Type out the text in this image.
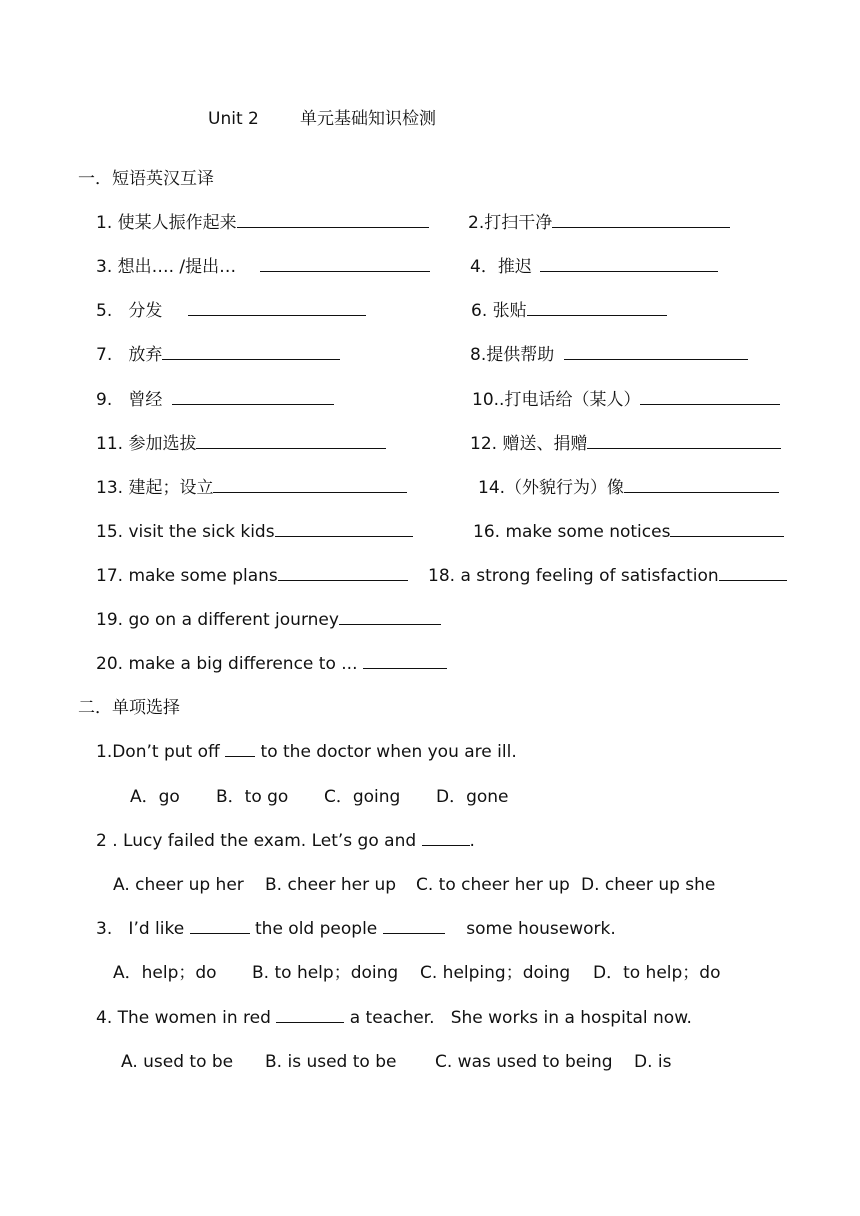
Unit 2 单元基础知识检测
一．短语英汉互译
1. 使某人振作起来	2.打扫干净
3. 想出…. /提出…	4．推迟
5.   分发	6. 张贴
7.   放弃	8.提供帮助
9.   曾经	10..打电话给（某人）
11. 参加选拔	12. 赠送、捐赠
13. 建起；设立	14.（外貌行为）像
15. visit the sick kids	16. make some notices
17. make some plans	18. a strong feeling of satisfaction
19. go on a different journey
20. make a big difference to ...
二．单项选择
1.Don’t put off to the doctor when you are ill.
A．go B．to go C．going D．gone
2 . Lucy failed the exam. Let’s go and	.
A. cheer up her B. cheer her up C. to cheer her up D. cheer up she
3.   I’d like	the old people	some housework.
A．help；do B. to help；doing C. helping；doing D．to help；do
4. The women in red	a teacher.   She works in a hospital now.
A. used to be B. is used to be C. was used to being D. is
